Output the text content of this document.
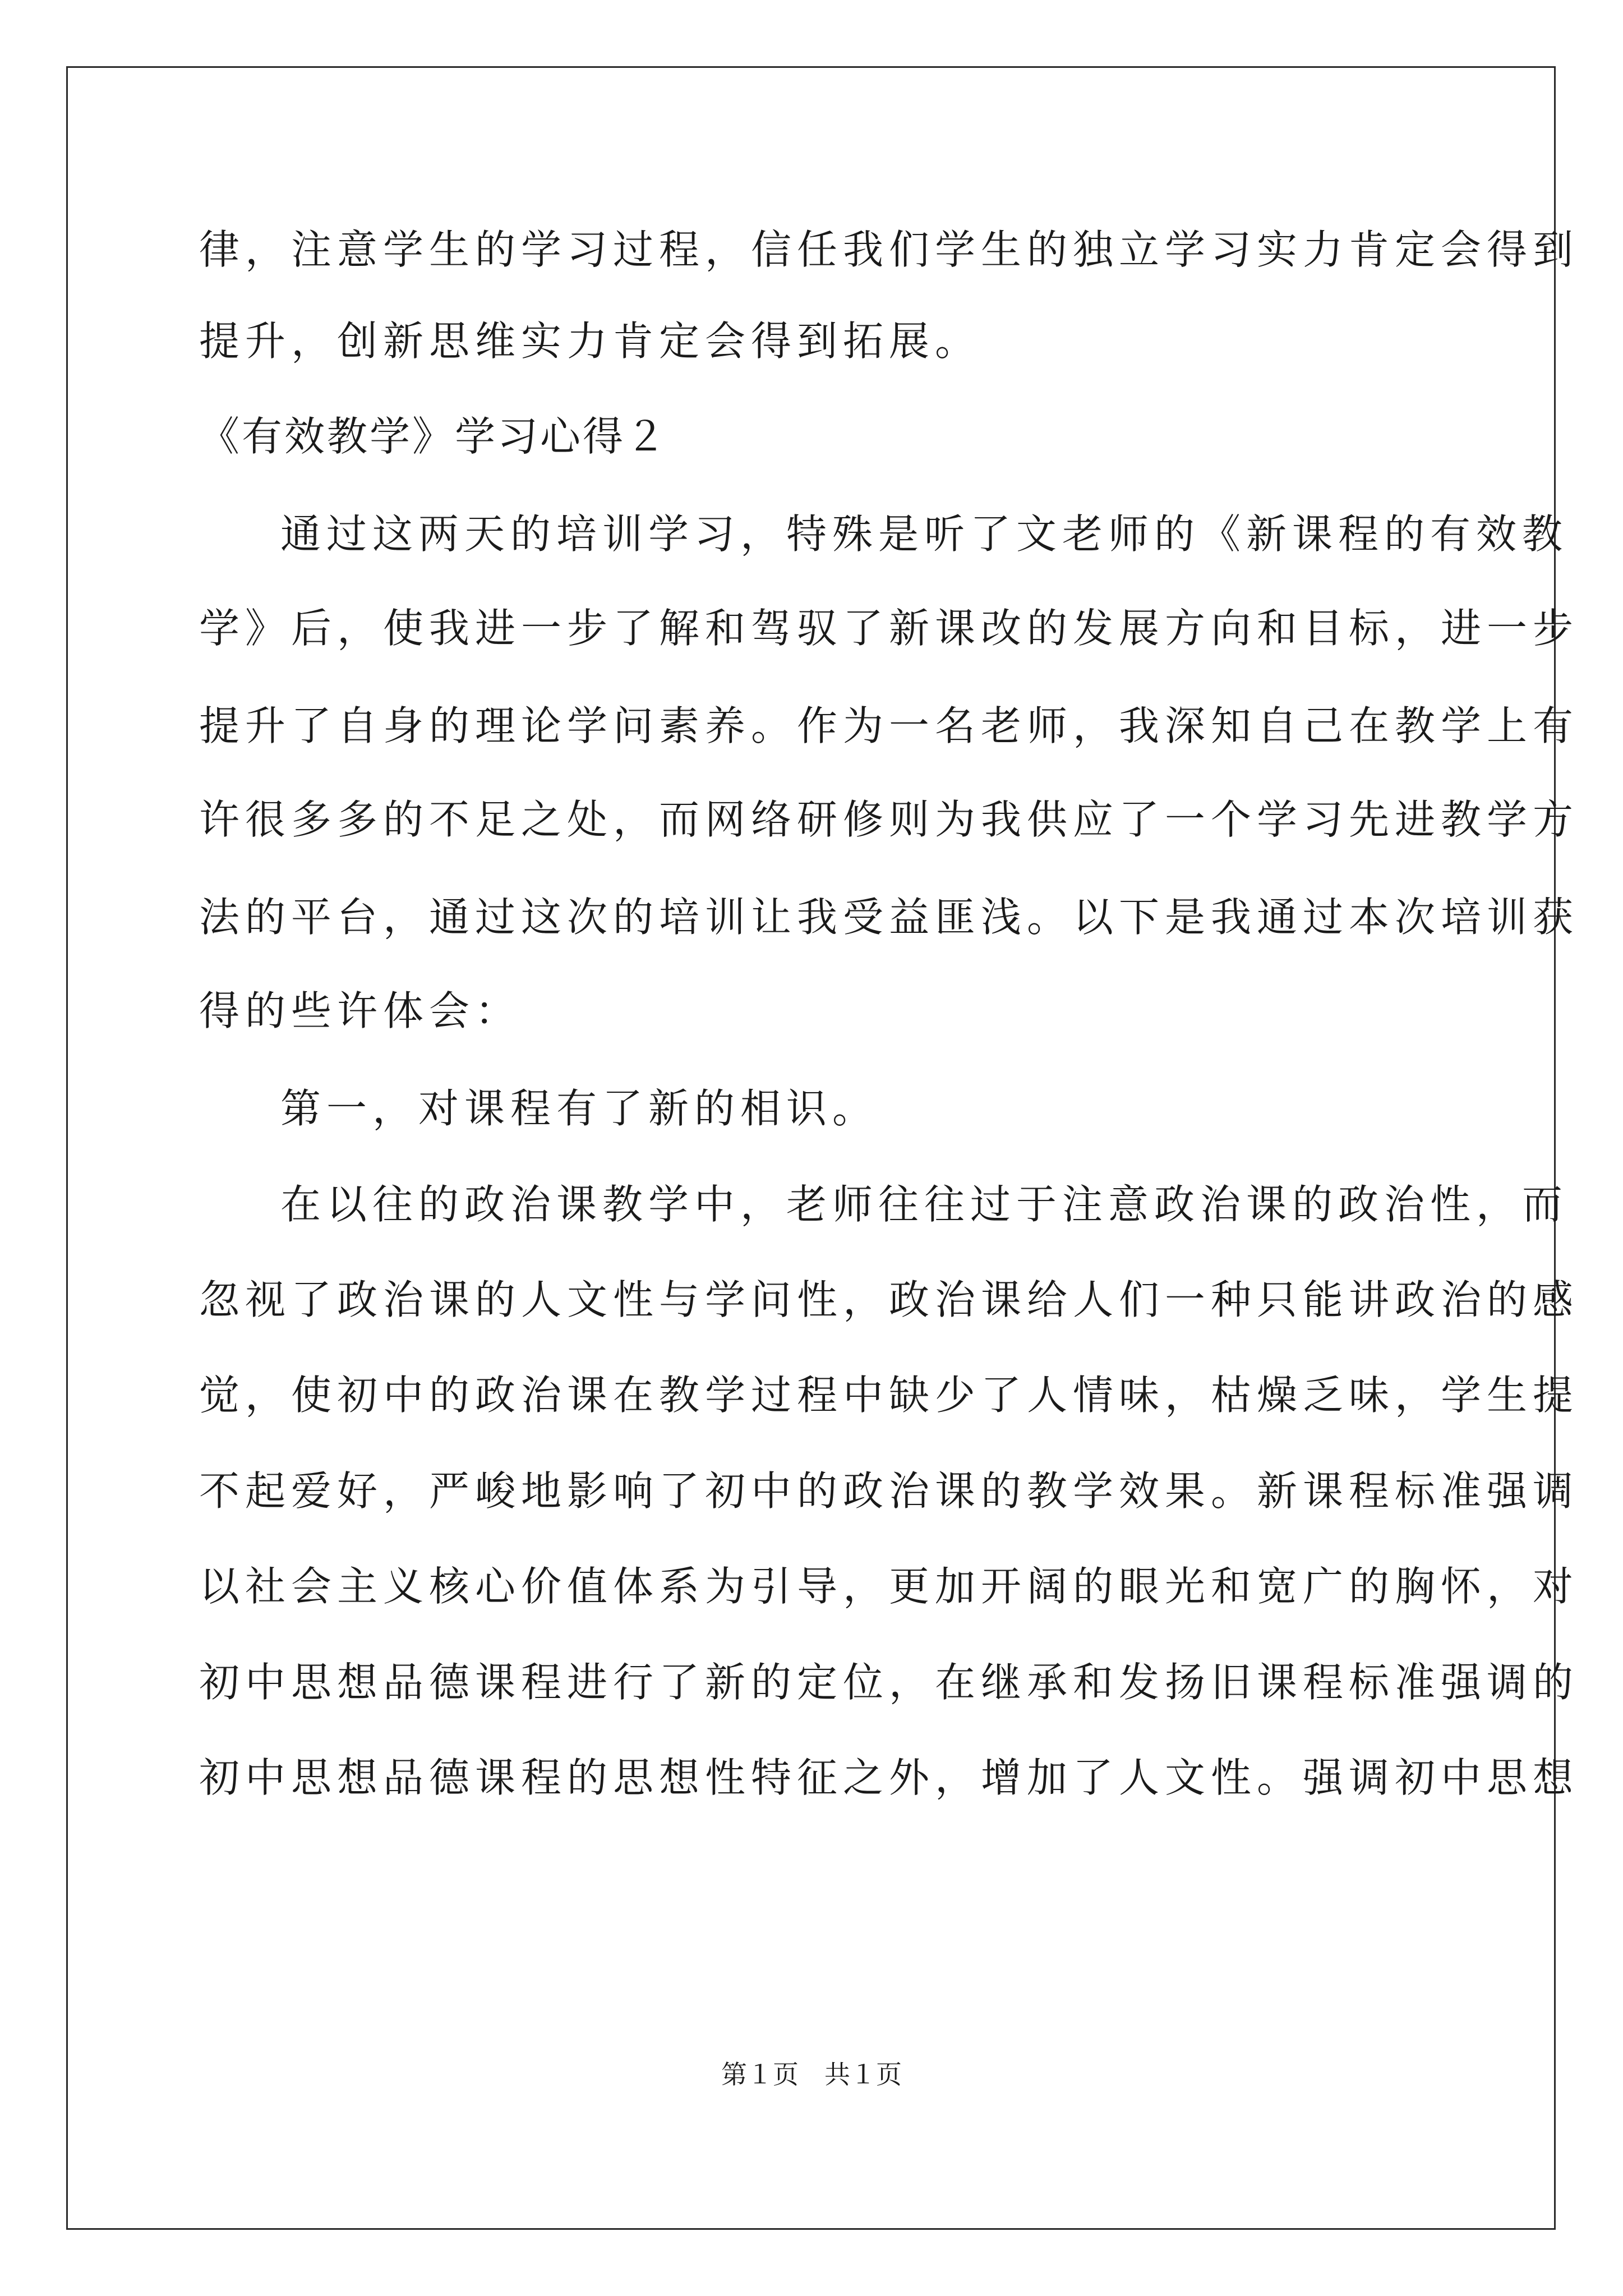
律，注意学生的学习过程，信任我们学生的独立学习实力肯定会得到
提升，创新思维实力肯定会得到拓展。
《有效教学》学习心得２
通过这两天的培训学习，特殊是听了文老师的《新课程的有效教
学》后，使我进一步了解和驾驭了新课改的发展方向和目标，进一步
提升了自身的理论学问素养。作为一名老师，我深知自己在教学上有
许很多多的不足之处，而网络研修则为我供应了一个学习先进教学方
法的平台，通过这次的培训让我受益匪浅。以下是我通过本次培训获
得的些许体会：
第一，对课程有了新的相识。
在以往的政治课教学中，老师往往过于注意政治课的政治性，而
忽视了政治课的人文性与学问性，政治课给人们一种只能讲政治的感
觉，使初中的政治课在教学过程中缺少了人情味，枯燥乏味，学生提
不起爱好，严峻地影响了初中的政治课的教学效果。新课程标准强调
以社会主义核心价值体系为引导，更加开阔的眼光和宽广的胸怀，对
初中思想品德课程进行了新的定位，在继承和发扬旧课程标准强调的
初中思想品德课程的思想性特征之外，增加了人文性。强调初中思想
第１页　共１页
